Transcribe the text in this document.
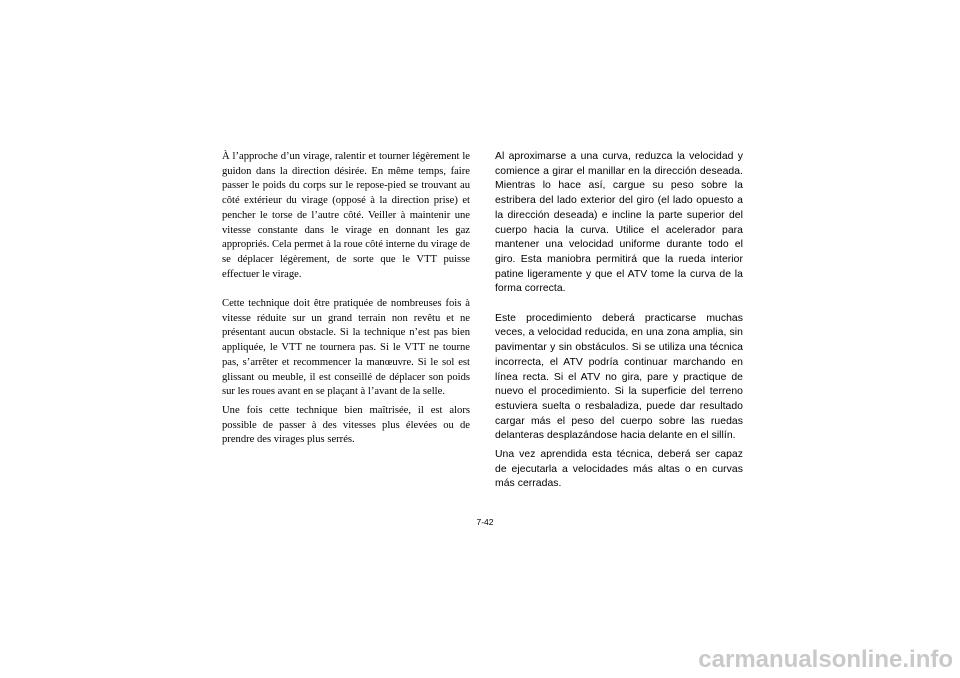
À l’approche d’un virage, ralentir et tourner légèrement le guidon dans la direction désirée. En même temps, faire passer le poids du corps sur le repose-pied se trouvant au côté extérieur du virage (opposé à la direction prise) et pencher le torse de l’autre côté. Veiller à maintenir une vitesse constante dans le virage en donnant les gaz appropriés. Cela permet à la roue côté interne du virage de se déplacer légèrement, de sorte que le VTT puisse effectuer le virage.

Cette technique doit être pratiquée de nombreuses fois à vitesse réduite sur un grand terrain non revêtu et ne présentant aucun obstacle. Si la technique n’est pas bien appliquée, le VTT ne tournera pas. Si le VTT ne tourne pas, s’arrêter et recommencer la manœuvre. Si le sol est glissant ou meuble, il est conseillé de déplacer son poids sur les roues avant en se plaçant à l’avant de la selle.

Une fois cette technique bien maîtrisée, il est alors possible de passer à des vitesses plus élevées ou de prendre des virages plus serrés.

Al aproximarse a una curva, reduzca la velocidad y comience a girar el manillar en la dirección deseada. Mientras lo hace así, cargue su peso sobre la estribera del lado exterior del giro (el lado opuesto a la dirección deseada) e incline la parte superior del cuerpo hacia la curva. Utilice el acelerador para mantener una velocidad uniforme durante todo el giro. Esta maniobra permitirá que la rueda interior patine ligeramente y que el ATV tome la curva de la forma correcta.

Este procedimiento deberá practicarse muchas veces, a velocidad reducida, en una zona amplia, sin pavimentar y sin obstáculos. Si se utiliza una técnica incorrecta, el ATV podría continuar marchando en línea recta. Si el ATV no gira, pare y practique de nuevo el procedimiento. Si la superficie del terreno estuviera suelta o resbaladiza, puede dar resultado cargar más el peso del cuerpo sobre las ruedas delanteras desplazándose hacia delante en el sillín.

Una vez aprendida esta técnica, deberá ser capaz de ejecutarla a velocidades más altas o en curvas más cerradas.

7-42
carmanualsonline.info
